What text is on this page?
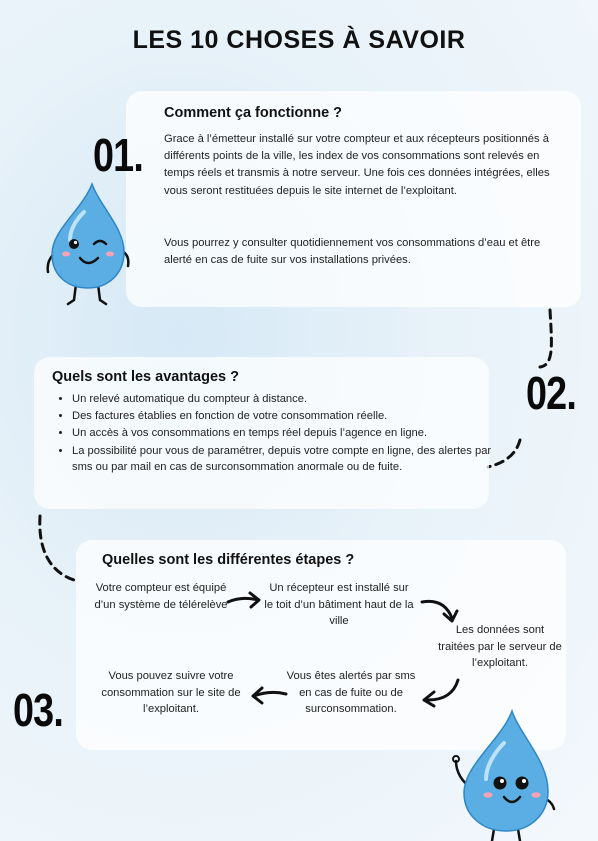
LES 10 CHOSES À SAVOIR
Comment ça fonctionne ?
Grace à l’émetteur installé sur votre compteur et aux récepteurs positionnés à différents points de la ville, les index de vos consommations sont relevés en temps réels et transmis à notre serveur. Une fois ces données intégrées, elles vous seront restituées depuis le site internet de l’exploitant.
Vous pourrez y consulter quotidiennement vos consommations d’eau et être alerté en cas de fuite sur vos installations privées.
01.
Quels sont les avantages ?
• Un relevé automatique du compteur à distance.
• Des factures établies en fonction de votre consommation réelle.
• Un accès à vos consommations en temps réel depuis l’agence en ligne.
• La possibilité pour vous de paramétrer, depuis votre compte en ligne, des alertes par sms ou par mail en cas de surconsommation anormale ou de fuite.
02.
Quelles sont les différentes étapes ?
Votre compteur est équipé d’un système de télérelève
Un récepteur est installé sur le toit d’un bâtiment haut de la ville
Les données sont traitées par le serveur de l’exploitant.
Vous êtes alertés par sms en cas de fuite ou de surconsommation.
Vous pouvez suivre votre consommation sur le site de l’exploitant.
03.
